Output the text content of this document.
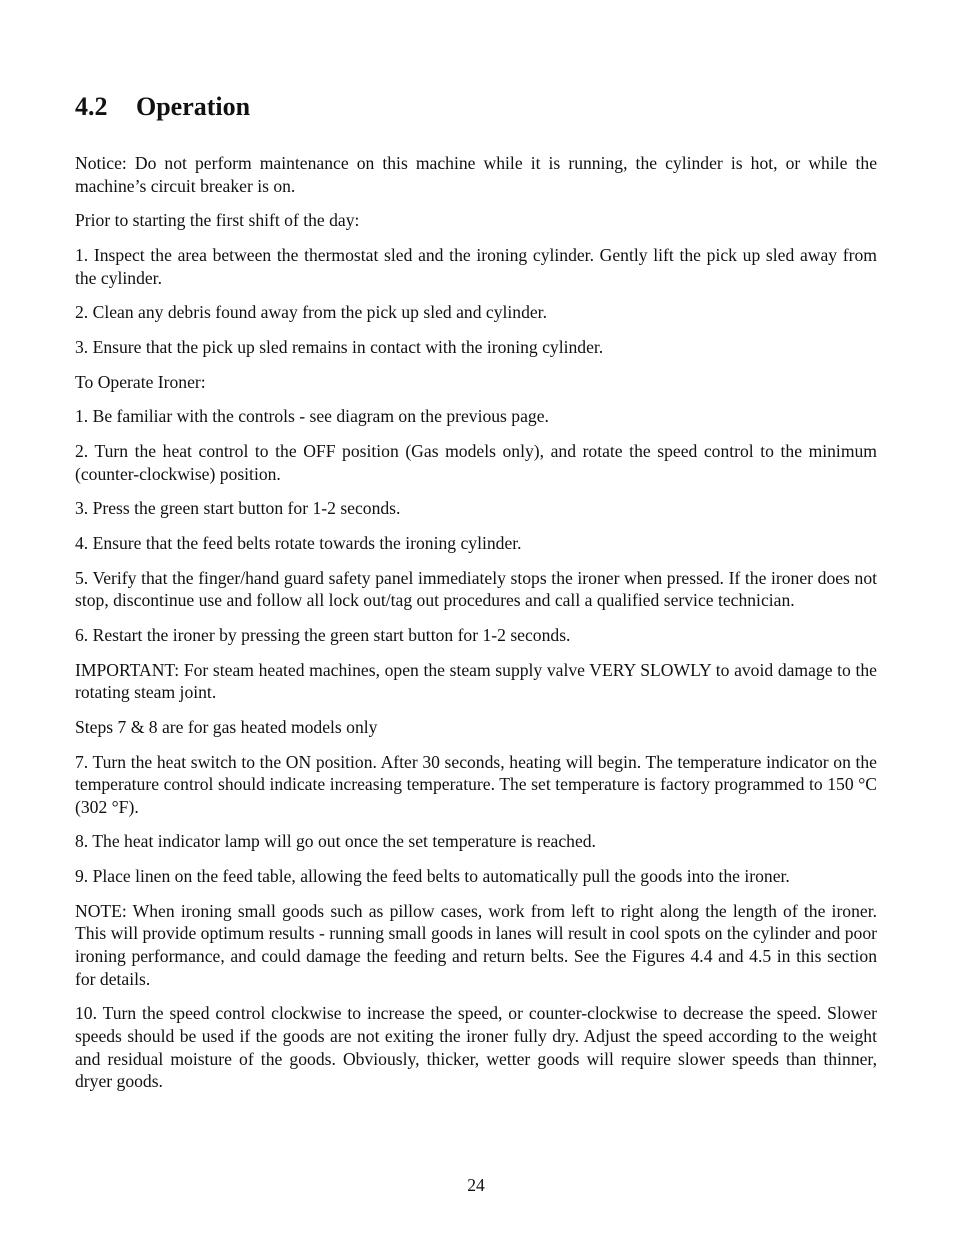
4.2 Operation

Notice: Do not perform maintenance on this machine while it is running, the cylinder is hot, or while the machine’s circuit breaker is on.

Prior to starting the first shift of the day:

1. Inspect the area between the thermostat sled and the ironing cylinder. Gently lift the pick up sled away from the cylinder.

2. Clean any debris found away from the pick up sled and cylinder.

3. Ensure that the pick up sled remains in contact with the ironing cylinder.

To Operate Ironer:

1. Be familiar with the controls - see diagram on the previous page.

2. Turn the heat control to the OFF position (Gas models only), and rotate the speed control to the minimum (counter-clockwise) position.

3. Press the green start button for 1-2 seconds.

4. Ensure that the feed belts rotate towards the ironing cylinder.

5. Verify that the finger/hand guard safety panel immediately stops the ironer when pressed. If the ironer does not stop, discontinue use and follow all lock out/tag out procedures and call a qualified service technician.

6. Restart the ironer by pressing the green start button for 1-2 seconds.

IMPORTANT: For steam heated machines, open the steam supply valve VERY SLOWLY to avoid damage to the rotating steam joint.

Steps 7 & 8 are for gas heated models only

7. Turn the heat switch to the ON position. After 30 seconds, heating will begin. The temperature indicator on the temperature control should indicate increasing temperature. The set temperature is factory programmed to 150 °C (302 °F).

8. The heat indicator lamp will go out once the set temperature is reached.

9. Place linen on the feed table, allowing the feed belts to automatically pull the goods into the ironer.

NOTE: When ironing small goods such as pillow cases, work from left to right along the length of the ironer. This will provide optimum results - running small goods in lanes will result in cool spots on the cylinder and poor ironing performance, and could damage the feeding and return belts. See the Figures 4.4 and 4.5 in this section for details.

10. Turn the speed control clockwise to increase the speed, or counter-clockwise to decrease the speed. Slower speeds should be used if the goods are not exiting the ironer fully dry. Adjust the speed according to the weight and residual moisture of the goods. Obviously, thicker, wetter goods will require slower speeds than thinner, dryer goods.

24
